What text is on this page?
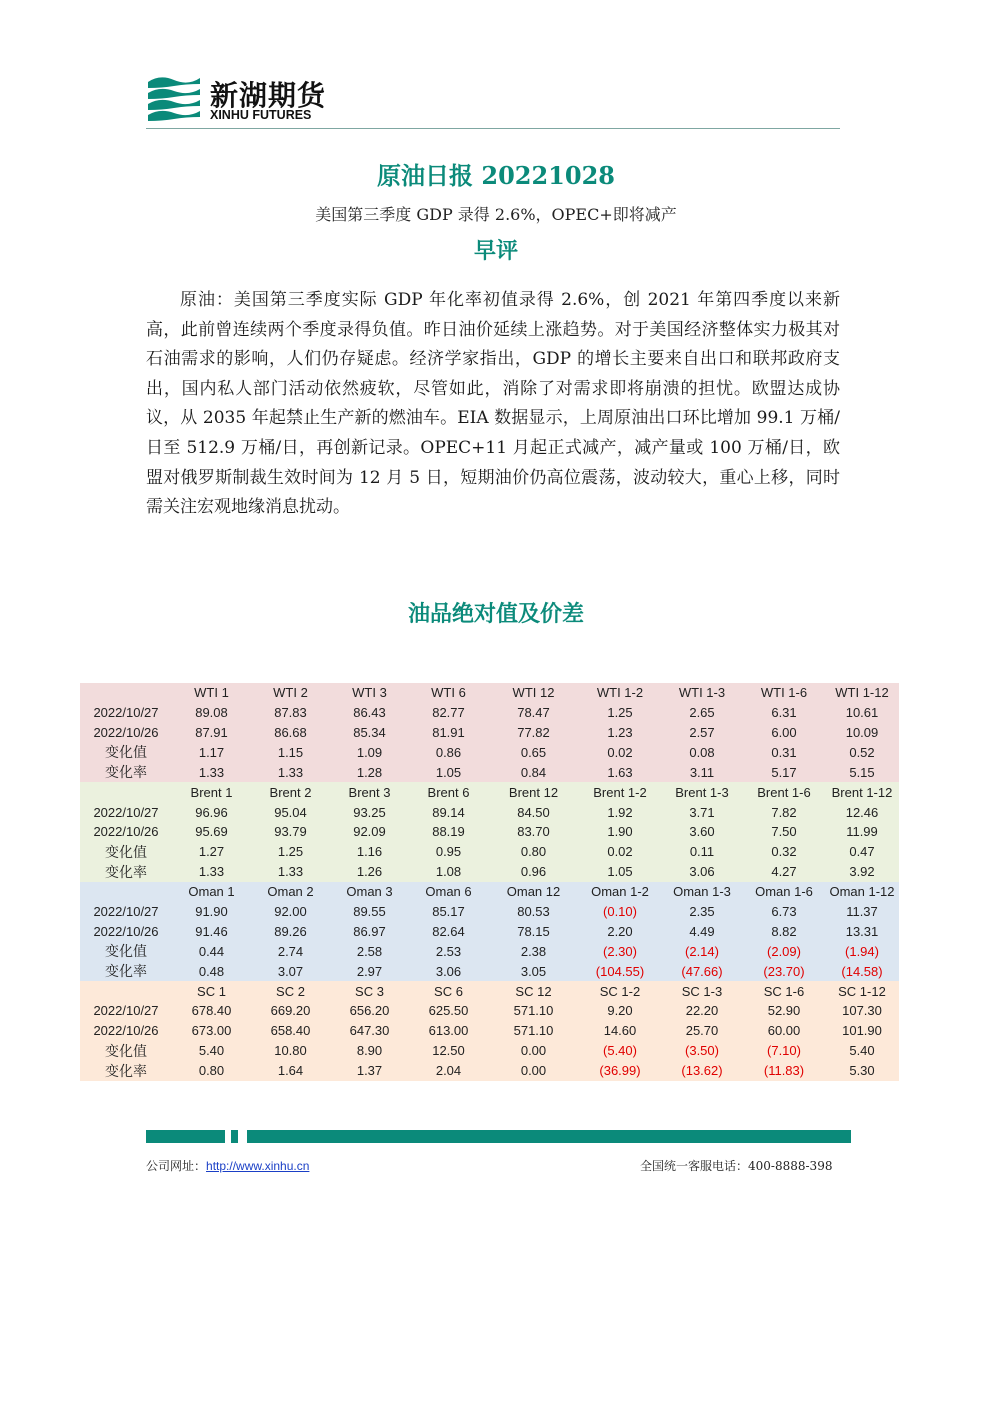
新湖期货
XINHU FUTURES
原油日报 20221028
美国第三季度 GDP 录得 2.6%，OPEC+即将减产
早评

原油：美国第三季度实际 GDP 年化率初值录得 2.6%，创 2021 年第四季度以来新高，此前曾连续两个季度录得负值。昨日油价延续上涨趋势。对于美国经济整体实力极其对石油需求的影响，人们仍存疑虑。经济学家指出，GDP 的增长主要来自出口和联邦政府支出，国内私人部门活动依然疲软，尽管如此，消除了对需求即将崩溃的担忧。欧盟达成协议，从 2035 年起禁止生产新的燃油车。EIA 数据显示，上周原油出口环比增加 99.1 万桶/日至 512.9 万桶/日，再创新记录。OPEC+11 月起正式减产，减产量或 100 万桶/日，欧盟对俄罗斯制裁生效时间为 12 月 5 日，短期油价仍高位震荡，波动较大，重心上移，同时需关注宏观地缘消息扰动。

油品绝对值及价差
	WTI 1	WTI 2	WTI 3	WTI 6	WTI 12	WTI 1-2	WTI 1-3	WTI 1-6	WTI 1-12	
2022/10/27	89.08	87.83	86.43	82.77	78.47	1.25	2.65	6.31	10.61	
2022/10/26	87.91	86.68	85.34	81.91	77.82	1.23	2.57	6.00	10.09	
变化值	1.17	1.15	1.09	0.86	0.65	0.02	0.08	0.31	0.52	
变化率	1.33	1.33	1.28	1.05	0.84	1.63	3.11	5.17	5.15	
	Brent 1	Brent 2	Brent 3	Brent 6	Brent 12	Brent 1-2	Brent 1-3	Brent 1-6	Brent 1-12	
2022/10/27	96.96	95.04	93.25	89.14	84.50	1.92	3.71	7.82	12.46	
2022/10/26	95.69	93.79	92.09	88.19	83.70	1.90	3.60	7.50	11.99	
变化值	1.27	1.25	1.16	0.95	0.80	0.02	0.11	0.32	0.47	
变化率	1.33	1.33	1.26	1.08	0.96	1.05	3.06	4.27	3.92	
	Oman 1	Oman 2	Oman 3	Oman 6	Oman 12	Oman 1-2	Oman 1-3	Oman 1-6	Oman 1-12	
2022/10/27	91.90	92.00	89.55	85.17	80.53	(0.10)	2.35	6.73	11.37	
2022/10/26	91.46	89.26	86.97	82.64	78.15	2.20	4.49	8.82	13.31	
变化值	0.44	2.74	2.58	2.53	2.38	(2.30)	(2.14)	(2.09)	(1.94)	
变化率	0.48	3.07	2.97	3.06	3.05	(104.55)	(47.66)	(23.70)	(14.58)	
	SC 1	SC 2	SC 3	SC 6	SC 12	SC 1-2	SC 1-3	SC 1-6	SC 1-12	
2022/10/27	678.40	669.20	656.20	625.50	571.10	9.20	22.20	52.90	107.30	
2022/10/26	673.00	658.40	647.30	613.00	571.10	14.60	25.70	60.00	101.90	
变化值	5.40	10.80	8.90	12.50	0.00	(5.40)	(3.50)	(7.10)	5.40	
变化率	0.80	1.64	1.37	2.04	0.00	(36.99)	(13.62)	(11.83)	5.30	
公司网址：http://www.xinhu.cn	全国统一客服电话：400-8888-398
